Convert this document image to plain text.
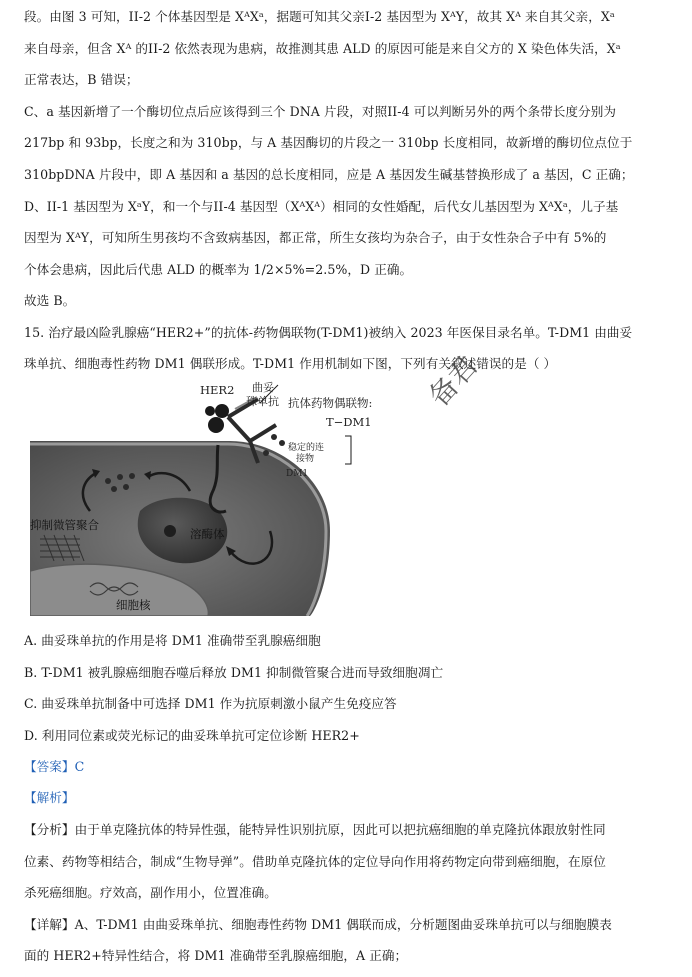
段。由图 3 可知，II-2 个体基因型是 XᴬXᵃ，据题可知其父亲I-2 基因型为 XᴬY，故其 Xᴬ 来自其父亲，Xᵃ
来自母亲，但含 Xᴬ 的II-2 依然表现为患病，故推测其患 ALD 的原因可能是来自父方的 X 染色体失活，Xᵃ
正常表达，B 错误；
C、a 基因新增了一个酶切位点后应该得到三个 DNA 片段，对照II-4 可以判断另外的两个条带长度分别为
217bp 和 93bp，长度之和为 310bp，与 A 基因酶切的片段之一 310bp 长度相同，故新增的酶切位点位于
310bpDNA 片段中，即 A 基因和 a 基因的总长度相同，应是 A 基因发生碱基替换形成了 a 基因，C 正确；
D、II-1 基因型为 XᵃY，和一个与II-4 基因型（XᴬXᴬ）相同的女性婚配，后代女儿基因型为 XᴬXᵃ，儿子基
因型为 XᴬY，可知所生男孩均不含致病基因，都正常，所生女孩均为杂合子，由于女性杂合子中有 5%的
个体会患病，因此后代患 ALD 的概率为 1/2×5%=2.5%，D 正确。
故选 B。
15. 治疗最凶险乳腺癌“HER2+”的抗体-药物偶联物(T-DM1)被纳入 2023 年医保目录名单。T-DM1 由曲妥
珠单抗、细胞毒性药物 DM1 偶联形成。T-DM1 作用机制如下图，下列有关叙述错误的是（ ）
备君
HER2 曲妥
珠单抗 抗体药物偶联物:
T−DM1
稳定的连
接物
DM1
抑制微管聚合
溶酶体
细胞核
A. 曲妥珠单抗的作用是将 DM1 准确带至乳腺癌细胞
B. T-DM1 被乳腺癌细胞吞噬后释放 DM1 抑制微管聚合进而导致细胞凋亡
C. 曲妥珠单抗制备中可选择 DM1 作为抗原刺激小鼠产生免疫应答
D. 利用同位素或荧光标记的曲妥珠单抗可定位诊断 HER2+
【答案】C
【解析】
【分析】由于单克隆抗体的特异性强，能特异性识别抗原，因此可以把抗癌细胞的单克隆抗体跟放射性同
位素、药物等相结合，制成“生物导弹”。借助单克隆抗体的定位导向作用将药物定向带到癌细胞，在原位
杀死癌细胞。疗效高，副作用小，位置准确。
【详解】A、T-DM1 由曲妥珠单抗、细胞毒性药物 DM1 偶联而成，分析题图曲妥珠单抗可以与细胞膜表
面的 HER2+特异性结合，将 DM1 准确带至乳腺癌细胞，A 正确；
